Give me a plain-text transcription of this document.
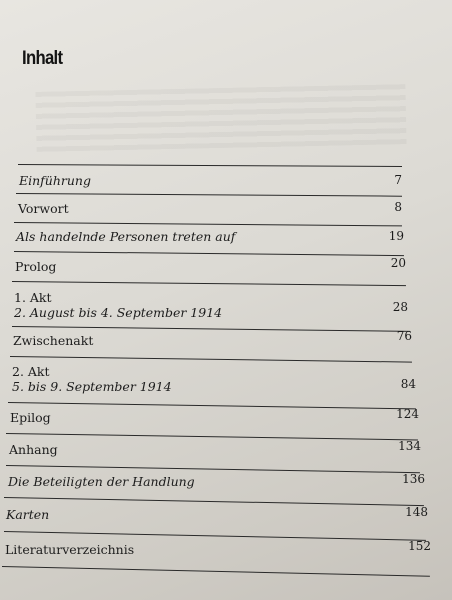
Inhalt
Einführung	7
Vorwort	8
Als handelnde Personen treten auf	19
Prolog	20
1. Akt
2. August bis 4. September 1914	28
Zwischenakt	76
2. Akt
5. bis 9. September 1914	84
Epilog	124
Anhang	134
Die Beteiligten der Handlung	136
Karten	148
Literaturverzeichnis	152
